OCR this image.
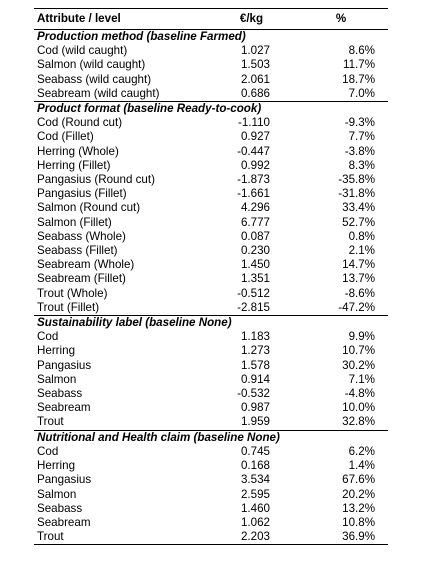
Attribute / level	€/kg	%
Production method (baseline Farmed)		
Cod (wild caught)	1.027	8.6%
Salmon (wild caught)	1.503	11.7%
Seabass (wild caught)	2.061	18.7%
Seabream (wild caught)	0.686	7.0%
Product format (baseline Ready-to-cook)		
Cod (Round cut)	-1.110	-9.3%
Cod (Fillet)	0.927	7.7%
Herring (Whole)	-0.447	-3.8%
Herring (Fillet)	0.992	8.3%
Pangasius (Round cut)	-1.873	-35.8%
Pangasius (Fillet)	-1.661	-31.8%
Salmon (Round cut)	4.296	33.4%
Salmon (Fillet)	6.777	52.7%
Seabass (Whole)	0.087	0.8%
Seabass (Fillet)	0.230	2.1%
Seabream (Whole)	1.450	14.7%
Seabream (Fillet)	1.351	13.7%
Trout (Whole)	-0.512	-8.6%
Trout (Fillet)	-2.815	-47.2%
Sustainability label (baseline None)		
Cod	1.183	9.9%
Herring	1.273	10.7%
Pangasius	1.578	30.2%
Salmon	0.914	7.1%
Seabass	-0.532	-4.8%
Seabream	0.987	10.0%
Trout	1.959	32.8%
Nutritional and Health claim (baseline None)		
Cod	0.745	6.2%
Herring	0.168	1.4%
Pangasius	3.534	67.6%
Salmon	2.595	20.2%
Seabass	1.460	13.2%
Seabream	1.062	10.8%
Trout	2.203	36.9%
